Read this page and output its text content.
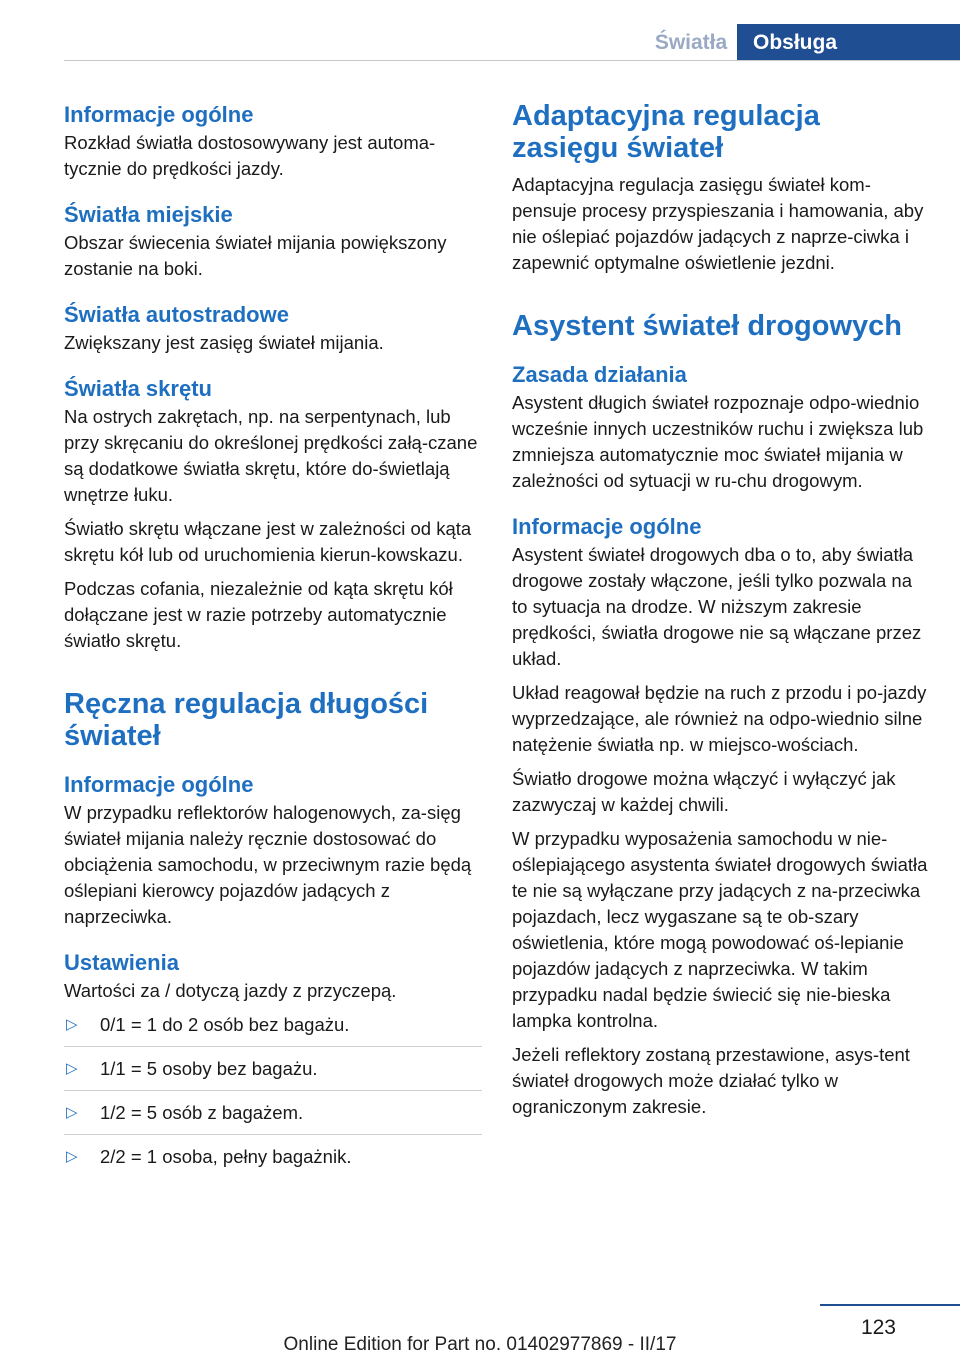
Światła	Obsługa
Informacje ogólne

Rozkład światła dostosowywany jest automa-tycznie do prędkości jazdy.

Światła miejskie

Obszar świecenia świateł mijania powiększony zostanie na boki.

Światła autostradowe

Zwiększany jest zasięg świateł mijania.

Światła skrętu

Na ostrych zakrętach, np. na serpentynach, lub przy skręcaniu do określonej prędkości załą-czane są dodatkowe światła skrętu, które do-świetlają wnętrze łuku.

Światło skrętu włączane jest w zależności od kąta skrętu kół lub od uruchomienia kierun-kowskazu.

Podczas cofania, niezależnie od kąta skrętu kół dołączane jest w razie potrzeby automatycznie światło skrętu.

Ręczna regulacja długości świateł
Informacje ogólne

W przypadku reflektorów halogenowych, za-sięg świateł mijania należy ręcznie dostosować do obciążenia samochodu, w przeciwnym razie będą oślepiani kierowcy pojazdów jadących z naprzeciwka.

Ustawienia

Wartości za / dotyczą jazdy z przyczepą.

▷ 0/1 = 1 do 2 osób bez bagażu.
▷ 1/1 = 5 osoby bez bagażu.
▷ 1/2 = 5 osób z bagażem.
▷ 2/2 = 1 osoba, pełny bagażnik.
Adaptacyjna regulacja zasięgu świateł

Adaptacyjna regulacja zasięgu świateł kom-pensuje procesy przyspieszania i hamowania, aby nie oślepiać pojazdów jadących z naprze-ciwka i zapewnić optymalne oświetlenie jezdni.

Asystent świateł drogowych
Zasada działania

Asystent długich świateł rozpoznaje odpo-wiednio wcześnie innych uczestników ruchu i zwiększa lub zmniejsza automatycznie moc świateł mijania w zależności od sytuacji w ru-chu drogowym.

Informacje ogólne

Asystent świateł drogowych dba o to, aby światła drogowe zostały włączone, jeśli tylko pozwala na to sytuacja na drodze. W niższym zakresie prędkości, światła drogowe nie są włączane przez układ.

Układ reagował będzie na ruch z przodu i po-jazdy wyprzedzające, ale również na odpo-wiednio silne natężenie światła np. w miejsco-wościach.

Światło drogowe można włączyć i wyłączyć jak zazwyczaj w każdej chwili.

W przypadku wyposażenia samochodu w nie-oślepiającego asystenta świateł drogowych światła te nie są wyłączane przy jadących z na-przeciwka pojazdach, lecz wygaszane są te ob-szary oświetlenia, które mogą powodować oś-lepianie pojazdów jadących z naprzeciwka. W takim przypadku nadal będzie świecić się nie-bieska lampka kontrolna.

Jeżeli reflektory zostaną przestawione, asys-tent świateł drogowych może działać tylko w ograniczonym zakresie.

123
Online Edition for Part no. 01402977869 - II/17
